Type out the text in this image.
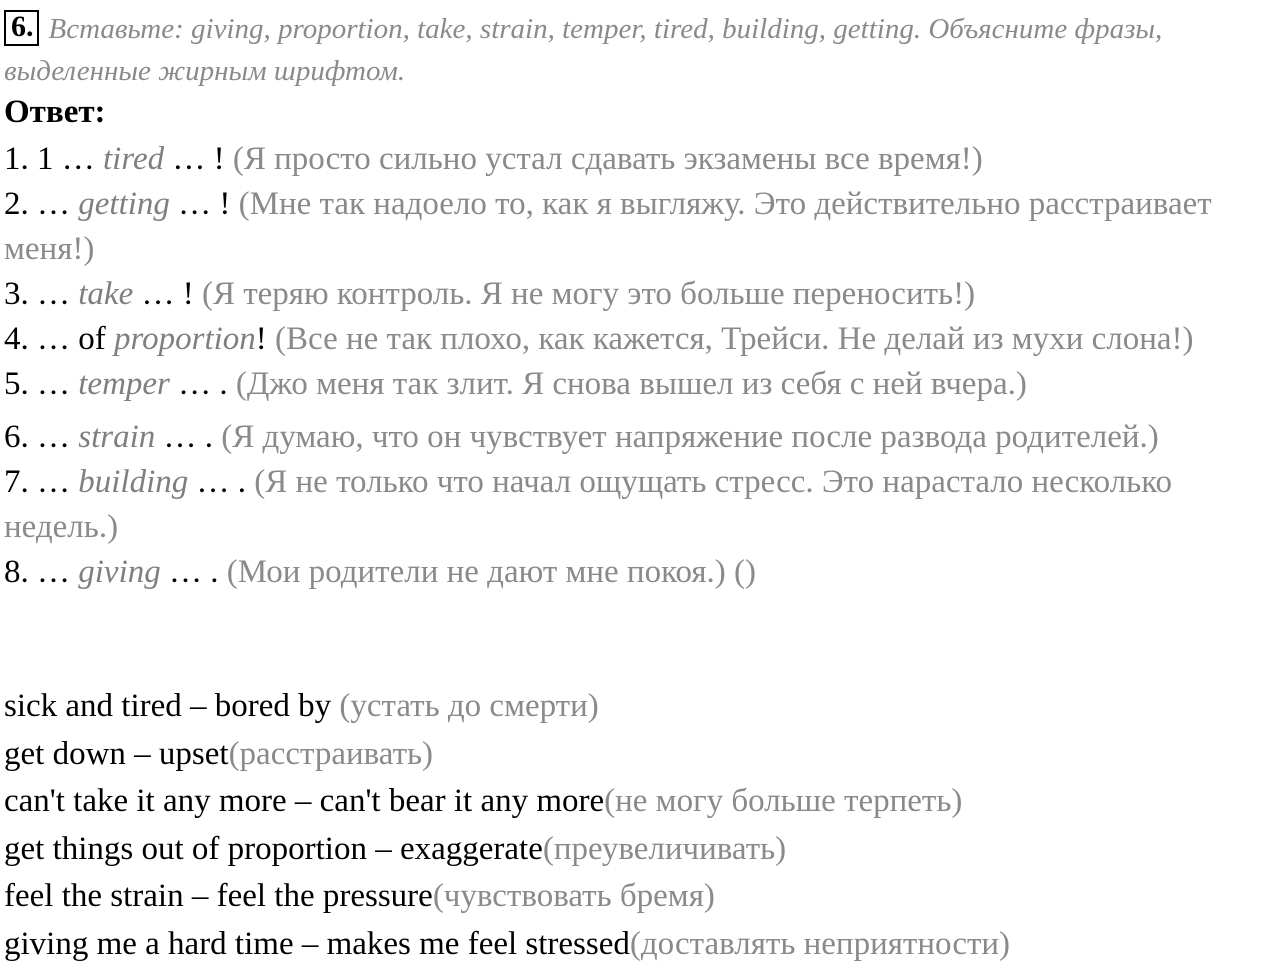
6. Вставьте: giving, proportion, take, strain, temper, tired, building, getting. Объясните фразы, выделенные жирным шрифтом.
Ответ:

1. 1 … tired … ! (Я просто сильно устал сдавать экзамены все время!)

2. … getting … ! (Мне так надоело то, как я выгляжу. Это действительно расстраивает меня!)

3. … take … ! (Я теряю контроль. Я не могу это больше переносить!)

4. … of proportion! (Все не так плохо, как кажется, Трейси. Не делай из мухи слона!)

5. … temper … . (Джо меня так злит. Я снова вышел из себя с ней вчера.)

6. … strain … . (Я думаю, что он чувствует напряжение после развода родителей.)

7. … building … . (Я не только что начал ощущать стресс. Это нарастало несколько недель.)

8. … giving … . (Мои родители не дают мне покоя.) ()

sick and tired – bored by (устать до смерти)
get down – upset(расстраивать)
can't take it any more – can't bear it any more(не могу больше терпеть)
get things out of proportion – exaggerate(преувеличивать)
feel the strain – feel the pressure(чувствовать бремя)
giving me a hard time – makes me feel stressed(доставлять неприятности)
